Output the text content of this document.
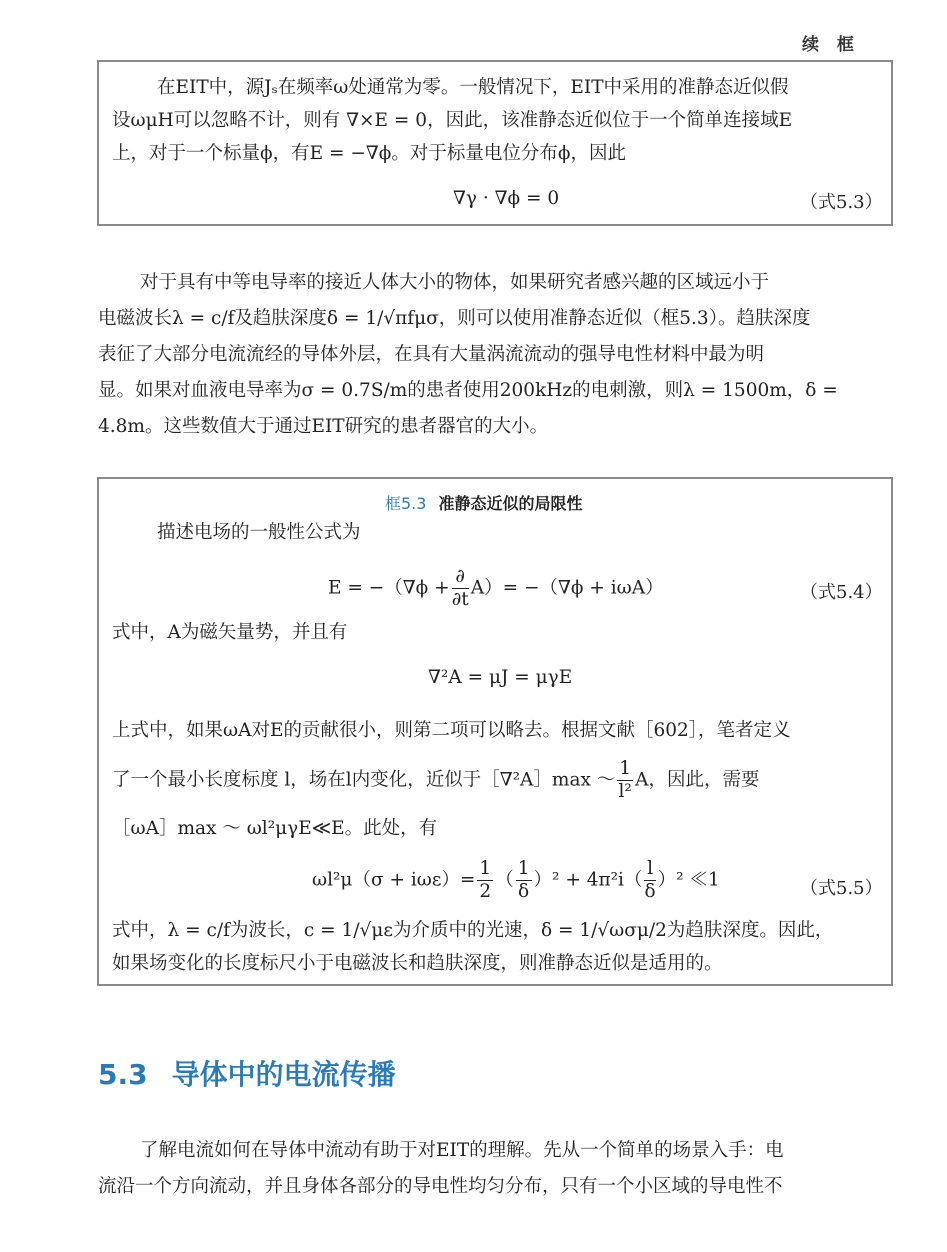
续 框
在EIT中，源Jₛ在频率ω处通常为零。一般情况下，EIT中采用的准静态近似假
设ωμH可以忽略不计，则有 ∇×E = 0，因此，该准静态近似位于一个简单连接域E
上，对于一个标量ϕ，有E = −∇ϕ。对于标量电位分布ϕ，因此
∇γ · ∇ϕ = 0	（式5.3）
对于具有中等电导率的接近人体大小的物体，如果研究者感兴趣的区域远小于
电磁波长λ = c/f及趋肤深度δ = 1/√πfμσ，则可以使用准静态近似（框5.3）。趋肤深度
表征了大部分电流流经的导体外层，在具有大量涡流流动的强导电性材料中最为明
显。如果对血液电导率为σ = 0.7S/m的患者使用200kHz的电刺激，则λ = 1500m，δ =
4.8m。这些数值大于通过EIT研究的患者器官的大小。
框5.3 准静态近似的局限性
描述电场的一般性公式为
$E = -(\nabla\phi + \frac{\partial}{\partial t} A)= -(\nabla\phi + i\omega A)$	（式5.4）
式中，A为磁矢量势，并且有
∇²A = μJ = μγE
上式中，如果ωA对E的贡献很小，则第二项可以略去。根据文献［602］，笔者定义
了一个最小长度标度 l，场在l内变化，近似于［∇²A］max ～ $\frac{1}{\text{l²}}$ A，因此，需要
［ωA］max ～ ωl²μγE≪E。此处，有
$\omega l^2\mu(\sigma + i\omega\varepsilon)= \frac{1}{2}$ （ $\frac{1}{\delta} )^2 + 4\pi^2i( \frac{l}{\delta} )^2$ ≪1	（式5.5）
式中，λ = c/f为波长，c = 1/√με为介质中的光速，δ = 1/√ωσμ/2为趋肤深度。因此，
如果场变化的长度标尺小于电磁波长和趋肤深度，则准静态近似是适用的。
5.3 导体中的电流传播
了解电流如何在导体中流动有助于对EIT的理解。先从一个简单的场景入手：电
流沿一个方向流动，并且身体各部分的导电性均匀分布，只有一个小区域的导电性不
